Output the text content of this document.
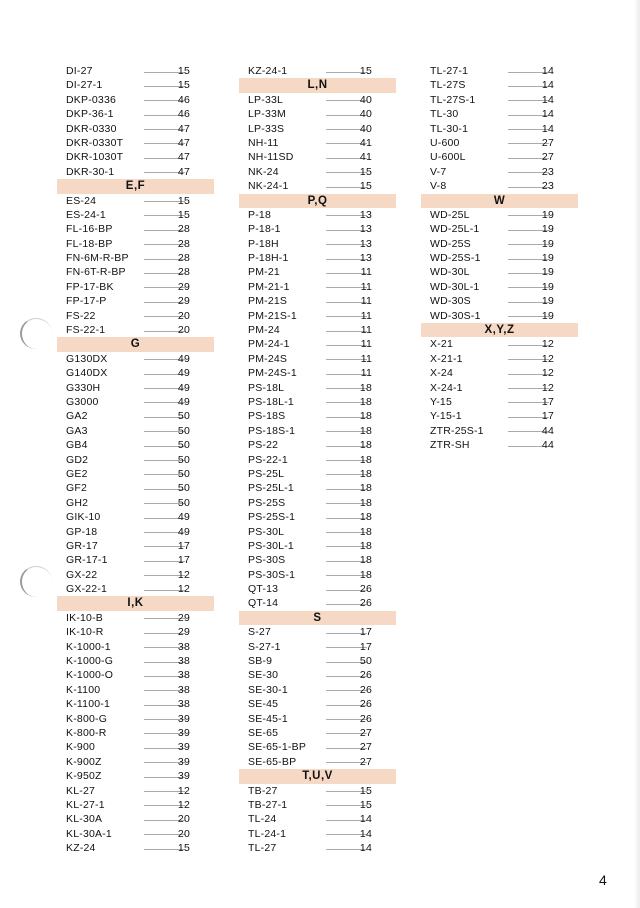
DI-27	15
DI-27-1	15
DKP-0336	46
DKP-36-1	46
DKR-0330	47
DKR-0330T	47
DKR-1030T	47
DKR-30-1	47
E,F
ES-24	15
ES-24-1	15
FL-16-BP	28
FL-18-BP	28
FN-6M-R-BP	28
FN-6T-R-BP	28
FP-17-BK	29
FP-17-P	29
FS-22	20
FS-22-1	20
G
G130DX	49
G140DX	49
G330H	49
G3000	49
GA2	50
GA3	50
GB4	50
GD2	50
GE2	50
GF2	50
GH2	50
GIK-10	49
GP-18	49
GR-17	17
GR-17-1	17
GX-22	12
GX-22-1	12
I,K
IK-10-B	29
IK-10-R	29
K-1000-1	38
K-1000-G	38
K-1000-O	38
K-1100	38
K-1100-1	38
K-800-G	39
K-800-R	39
K-900	39
K-900Z	39
K-950Z	39
KL-27	12
KL-27-1	12
KL-30A	20
KL-30A-1	20
KZ-24	15
KZ-24-1	15
L,N
LP-33L	40
LP-33M	40
LP-33S	40
NH-11	41
NH-11SD	41
NK-24	15
NK-24-1	15
P,Q
P-18	13
P-18-1	13
P-18H	13
P-18H-1	13
PM-21	11
PM-21-1	11
PM-21S	11
PM-21S-1	11
PM-24	11
PM-24-1	11
PM-24S	11
PM-24S-1	11
PS-18L	18
PS-18L-1	18
PS-18S	18
PS-18S-1	18
PS-22	18
PS-22-1	18
PS-25L	18
PS-25L-1	18
PS-25S	18
PS-25S-1	18
PS-30L	18
PS-30L-1	18
PS-30S	18
PS-30S-1	18
QT-13	26
QT-14	26
S
S-27	17
S-27-1	17
SB-9	50
SE-30	26
SE-30-1	26
SE-45	26
SE-45-1	26
SE-65	27
SE-65-1-BP	27
SE-65-BP	27
T,U,V
TB-27	15
TB-27-1	15
TL-24	14
TL-24-1	14
TL-27	14
TL-27-1	14
TL-27S	14
TL-27S-1	14
TL-30	14
TL-30-1	14
U-600	27
U-600L	27
V-7	23
V-8	23
W
WD-25L	19
WD-25L-1	19
WD-25S	19
WD-25S-1	19
WD-30L	19
WD-30L-1	19
WD-30S	19
WD-30S-1	19
X,Y,Z
X-21	12
X-21-1	12
X-24	12
X-24-1	12
Y-15	17
Y-15-1	17
ZTR-25S-1	44
ZTR-SH	44
4
